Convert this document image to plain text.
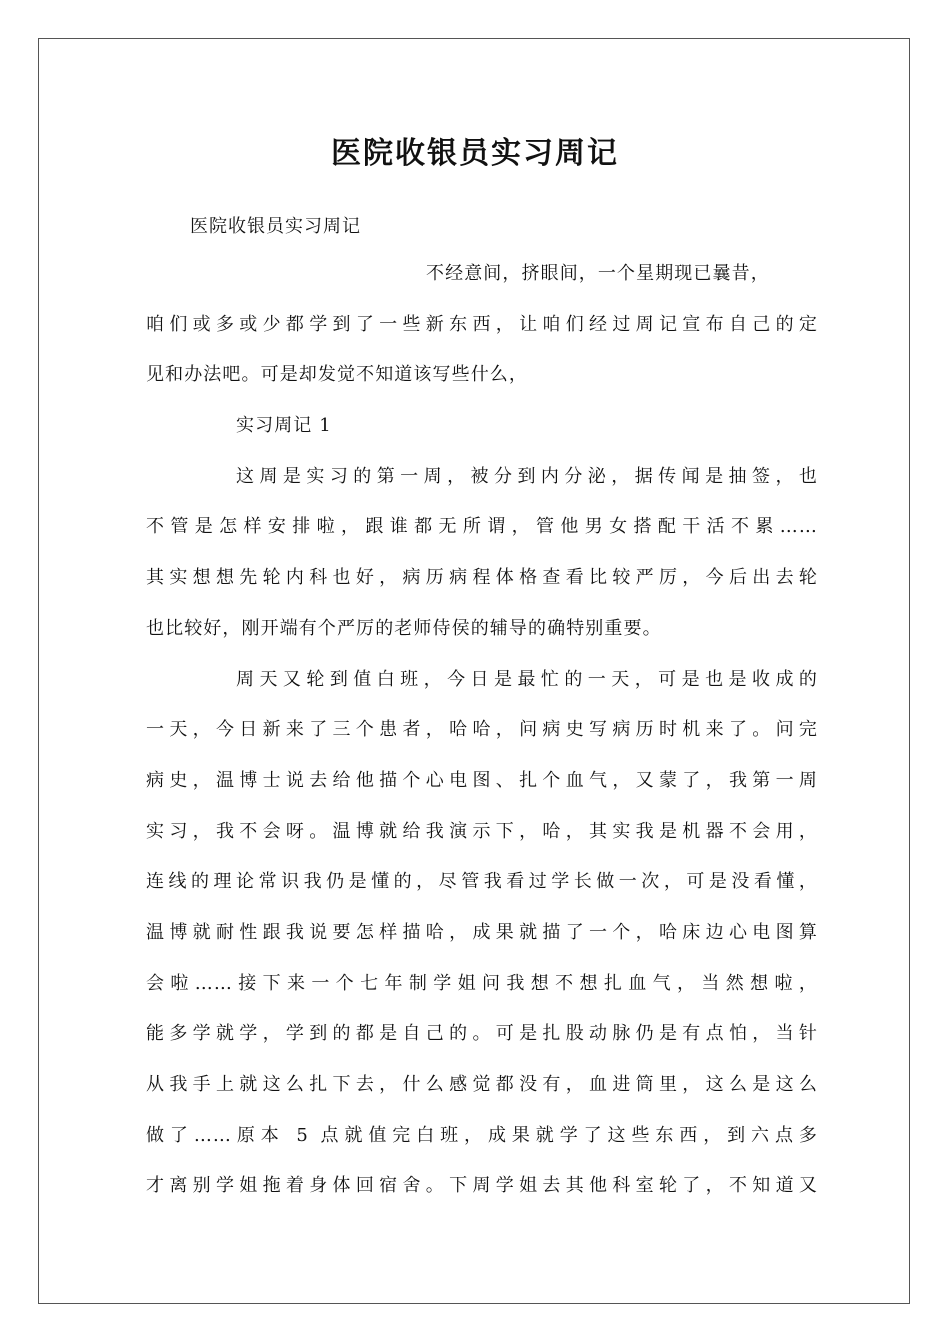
医院收银员实习周记
医院收银员实习周记
不经意间，挤眼间，一个星期现已曩昔，
咱们或多或少都学到了一些新东西，让咱们经过周记宣布自己的定
见和办法吧。可是却发觉不知道该写些什么，
实习周记 1
这周是实习的第一周，被分到内分泌，据传闻是抽签，也
不管是怎样安排啦，跟谁都无所谓，管他男女搭配干活不累……
其实想想先轮内科也好，病历病程体格查看比较严厉，今后出去轮
也比较好，刚开端有个严厉的老师侍侯的辅导的确特别重要。
周天又轮到值白班，今日是最忙的一天，可是也是收成的
一天，今日新来了三个患者，哈哈，问病史写病历时机来了。问完
病史，温博士说去给他描个心电图、扎个血气，又蒙了，我第一周
实习，我不会呀。温博就给我演示下，哈，其实我是机器不会用，
连线的理论常识我仍是懂的，尽管我看过学长做一次，可是没看懂，
温博就耐性跟我说要怎样描哈，成果就描了一个，哈床边心电图算
会啦……接下来一个七年制学姐问我想不想扎血气，当然想啦，
能多学就学，学到的都是自己的。可是扎股动脉仍是有点怕，当针
从我手上就这么扎下去，什么感觉都没有，血进筒里，这么是这么
做了……原本 5 点就值完白班，成果就学了这些东西，到六点多
才离别学姐拖着身体回宿舍。下周学姐去其他科室轮了，不知道又
